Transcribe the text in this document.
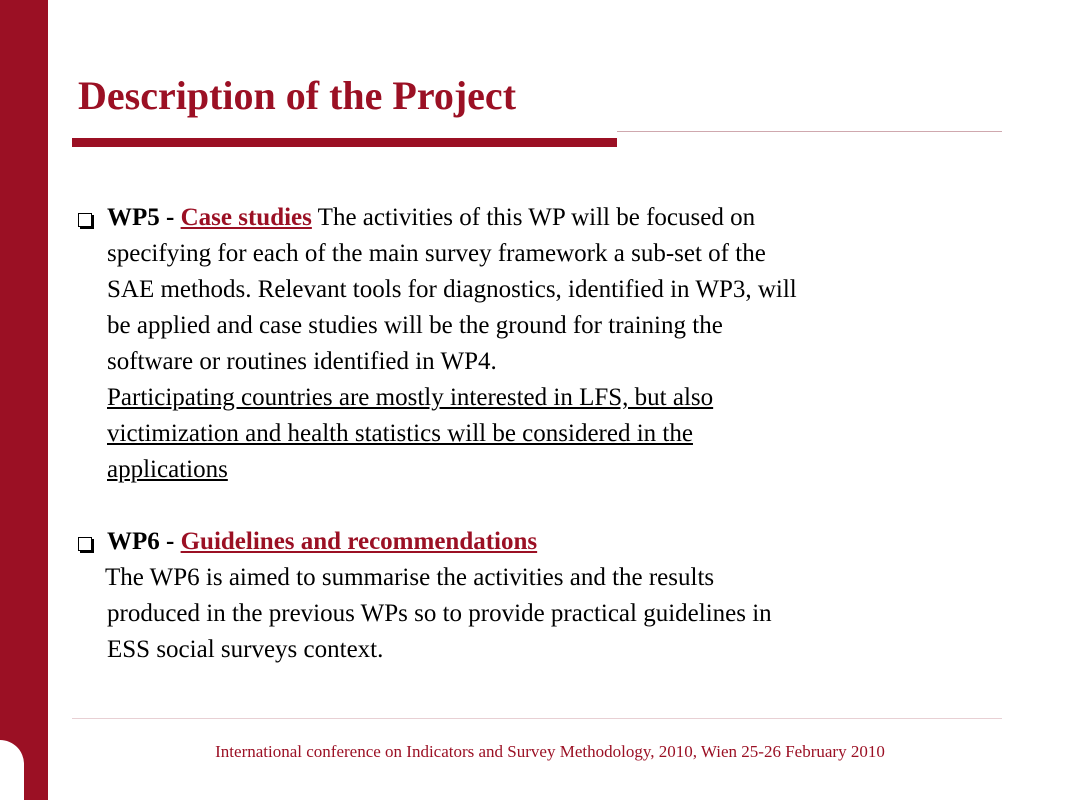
Description of the Project
WP5 - Case studies The activities of this WP will be focused on
specifying for each of the main survey framework a sub-set of the
SAE methods. Relevant tools for diagnostics, identified in WP3, will
be applied and case studies will be the ground for training the
software or routines identified in WP4.
Participating countries are mostly interested in LFS, but also
victimization and health statistics will be considered in the
applications
WP6 - Guidelines and recommendations
The WP6 is aimed to summarise the activities and the results
produced in the previous WPs so to provide practical guidelines in
ESS social surveys context.
International conference on Indicators and Survey Methodology, 2010, Wien 25-26 February 2010
